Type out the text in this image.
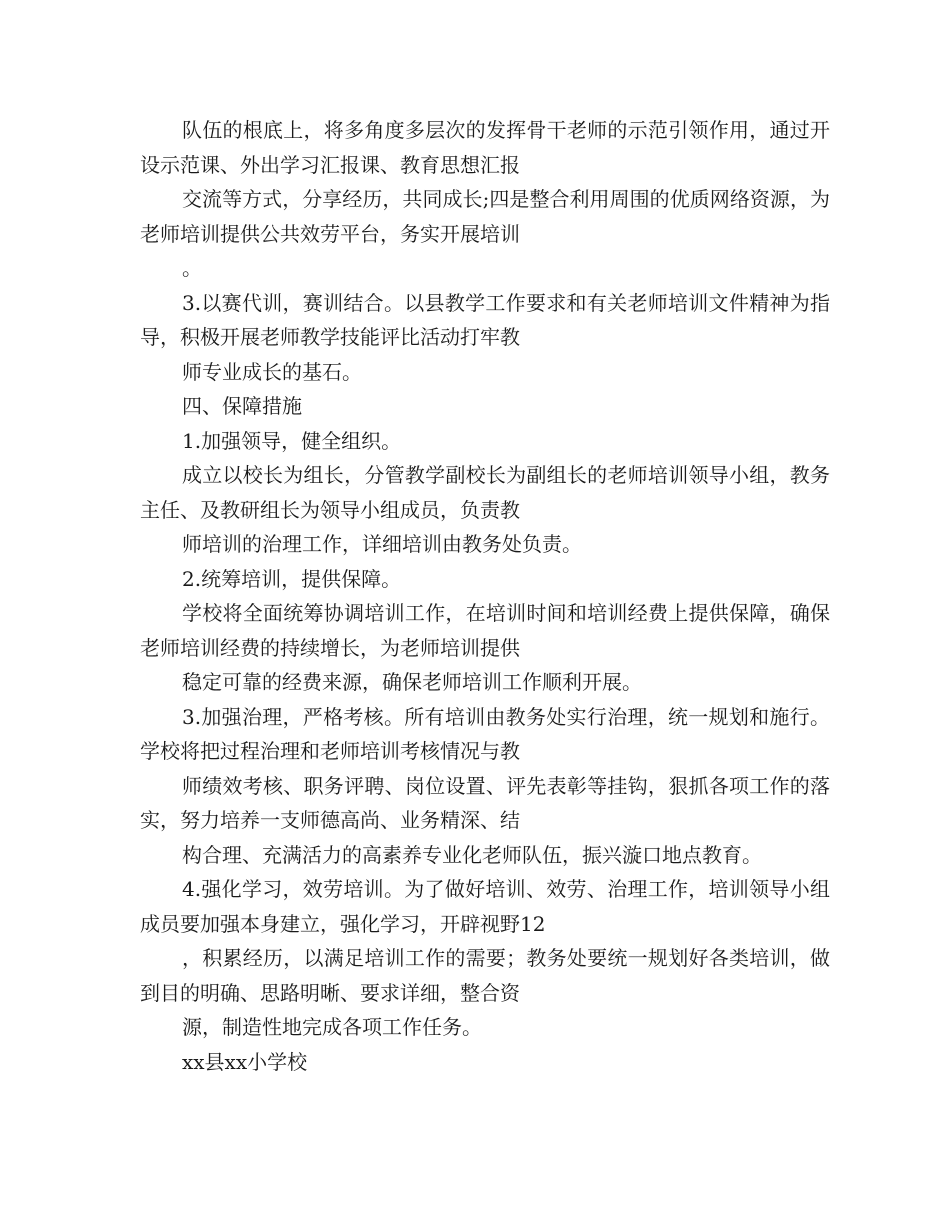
队伍的根底上，将多角度多层次的发挥骨干老师的示范引领作用，通过开设示范课、外出学习汇报课、教育思想汇报

交流等方式，分享经历，共同成长;四是整合利用周围的优质网络资源，为老师培训提供公共效劳平台，务实开展培训

。

3.以赛代训，赛训结合。以县教学工作要求和有关老师培训文件精神为指导，积极开展老师教学技能评比活动打牢教

师专业成长的基石。

四、保障措施

1.加强领导，健全组织。

成立以校长为组长，分管教学副校长为副组长的老师培训领导小组，教务主任、及教研组长为领导小组成员，负责教

师培训的治理工作，详细培训由教务处负责。

2.统筹培训，提供保障。

学校将全面统筹协调培训工作，在培训时间和培训经费上提供保障，确保老师培训经费的持续增长，为老师培训提供

稳定可靠的经费来源，确保老师培训工作顺利开展。

3.加强治理，严格考核。所有培训由教务处实行治理，统一规划和施行。学校将把过程治理和老师培训考核情况与教

师绩效考核、职务评聘、岗位设置、评先表彰等挂钩，狠抓各项工作的落实，努力培养一支师德高尚、业务精深、结

构合理、充满活力的高素养专业化老师队伍，振兴漩口地点教育。

4.强化学习，效劳培训。为了做好培训、效劳、治理工作，培训领导小组成员要加强本身建立，强化学习，开辟视野12

，积累经历，以满足培训工作的需要；教务处要统一规划好各类培训，做到目的明确、思路明晰、要求详细，整合资

源，制造性地完成各项工作任务。

xx县xx小学校
